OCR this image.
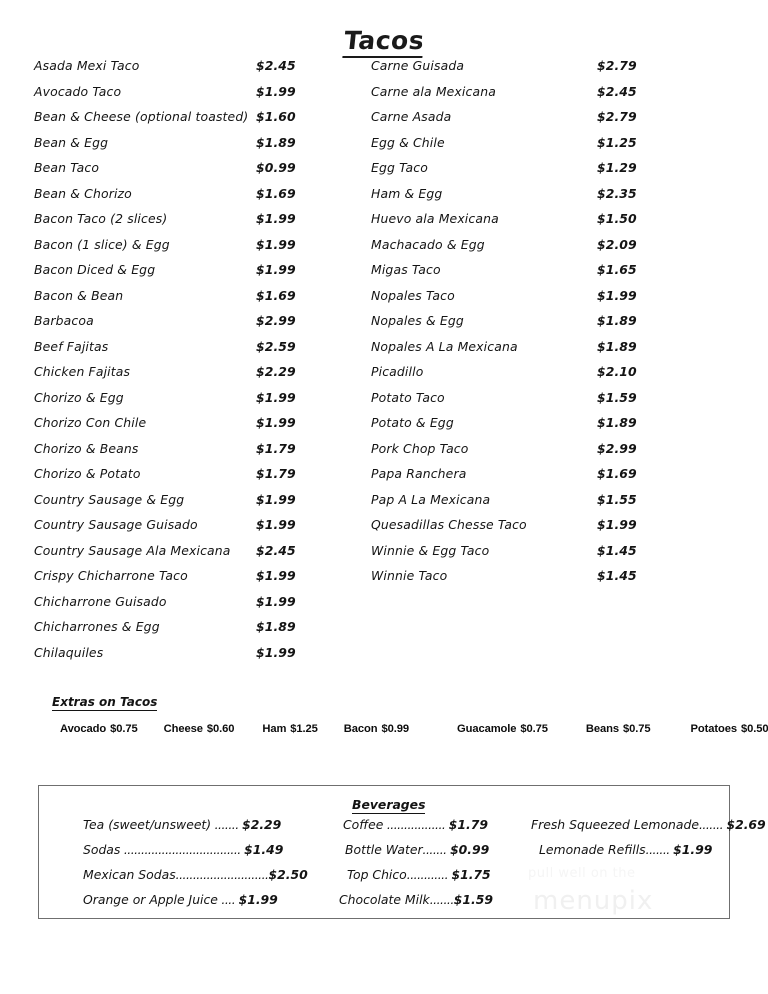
Tacos
Asada Mexi Taco	$2.45
Avocado Taco	$1.99
Bean & Cheese (optional toasted) $1.60
Bean & Egg	$1.89
Bean Taco	$0.99
Bean & Chorizo	$1.69
Bacon Taco (2 slices)	$1.99
Bacon (1 slice) & Egg	$1.99
Bacon Diced & Egg	$1.99
Bacon & Bean	$1.69
Barbacoa	$2.99
Beef Fajitas	$2.59
Chicken Fajitas	$2.29
Chorizo & Egg	$1.99
Chorizo Con Chile	$1.99
Chorizo & Beans	$1.79
Chorizo & Potato	$1.79
Country Sausage & Egg	$1.99
Country Sausage Guisado	$1.99
Country Sausage Ala Mexicana $2.45
Crispy Chicharrone Taco	$1.99
Chicharrone Guisado	$1.99
Chicharrones & Egg	$1.89
Chilaquiles	$1.99
Carne Guisada	$2.79
Carne ala Mexicana	$2.45
Carne Asada	$2.79
Egg & Chile	$1.25
Egg Taco	$1.29
Ham & Egg	$2.35
Huevo ala Mexicana	$1.50
Machacado & Egg	$2.09
Migas Taco	$1.65
Nopales Taco	$1.99
Nopales & Egg	$1.89
Nopales A La Mexicana	$1.89
Picadillo	$2.10
Potato Taco	$1.59
Potato & Egg	$1.89
Pork Chop Taco	$2.99
Papa Ranchera	$1.69
Pap A La Mexicana	$1.55
Quesadillas Chesse Taco	$1.99
Winnie & Egg Taco	$1.45
Winnie Taco	$1.45
Extras on Tacos
Avocado $0.75 Cheese $0.60	Ham $1.25 Bacon $0.99	Guacamole $0.75	Beans $0.75	Potatoes $0.50
Beverages
Tea (sweet/unsweet) ....... $2.29
Sodas .................................. $1.49
Mexican Sodas...........................$2.50
Orange or Apple Juice .... $1.99
Coffee ................. $1.79
Bottle Water....... $0.99
Top Chico............ $1.75
Chocolate Milk.......$1.59
Fresh Squeezed Lemonade....... $2.69
Lemonade Refills....... $1.99
pull well on the
menupix
